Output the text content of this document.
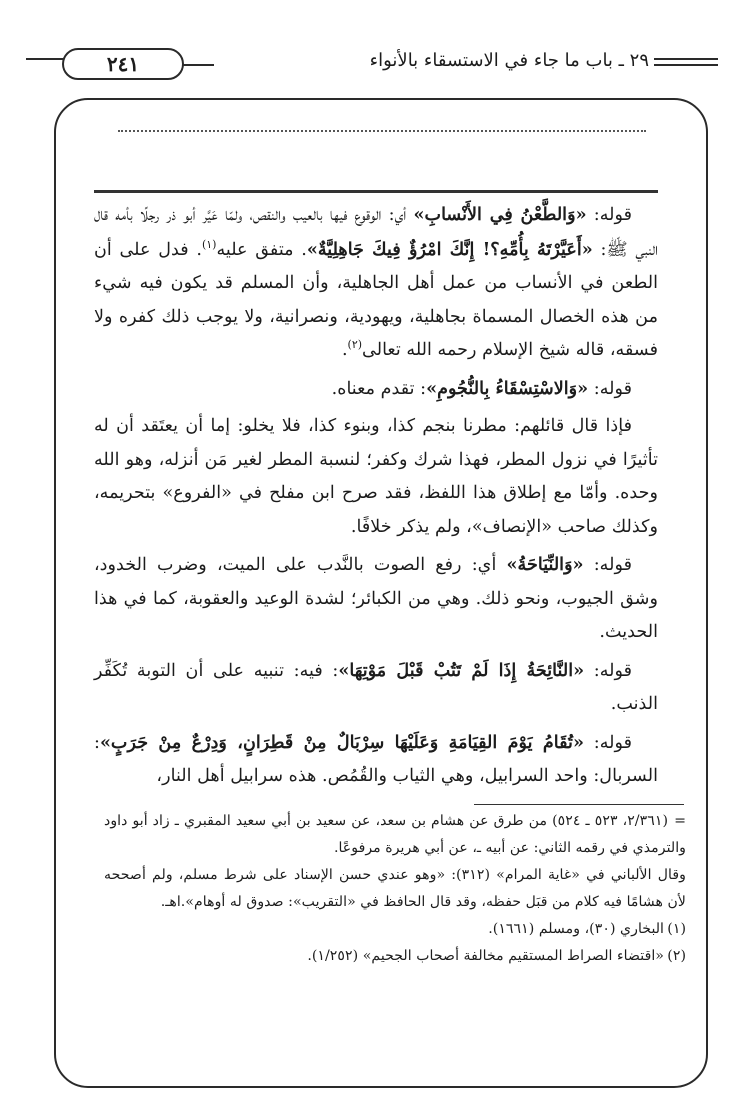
٢٤١	٢٩ ـ باب ما جاء في الاستسقاء بالأنواء

قوله: «وَالطَّعْنُ فِي الأَنْسابِ» أي: الوقوع فيها بالعيب والنقص، ولمّا عَيَّر أبو ذر رجلًا بأمه قال النبي ﷺ: «أَعَيَّرْتَهُ بِأُمِّهِ؟! إِنَّكَ امْرُؤٌ فِيكَ جَاهِلِيَّةٌ». متفق عليه$^{(١)}$. فدل على أن الطعن في الأنساب من عمل أهل الجاهلية، وأن المسلم قد يكون فيه شيء من هذه الخصال المسماة بجاهلية، ويهودية، ونصرانية، ولا يوجب ذلك كفره ولا فسقه، قاله شيخ الإسلام رحمه الله تعالى$^{(٢)}$.

قوله: «وَالاسْتِسْقَاءُ بِالنُّجُومِ»: تقدم معناه.

فإذا قال قائلهم: مطرنا بنجم كذا، وبنوء كذا، فلا يخلو: إما أن يعتَقد أن له تأثيرًا في نزول المطر، فهذا شرك وكفر؛ لنسبة المطر لغير مَن أنزله، وهو الله وحده. وأمّا مع إطلاق هذا اللفظ، فقد صرح ابن مفلح في «الفروع» بتحريمه، وكذلك صاحب «الإنصاف»، ولم يذكر خلافًا.

قوله: «وَالنِّيَاحَةُ» أي: رفع الصوت بالنَّدب على الميت، وضرب الخدود، وشق الجيوب، ونحو ذلك. وهي من الكبائر؛ لشدة الوعيد والعقوبة، كما في هذا الحديث.

قوله: «النَّائِحَةُ إِذَا لَمْ تَتُبْ قَبْلَ مَوْتِهَا»: فيه: تنبيه على أن التوبة تُكَفِّر الذنب.

قوله: «تُقَامُ يَوْمَ القِيَامَةِ وَعَلَيْهَا سِرْبَالٌ مِنْ قَطِرَانٍ، وَدِرْعٌ مِنْ جَرَبٍ»: السربال: واحد السرابيل، وهي الثياب والقُمُص. هذه سرابيل أهل النار،

=(٢/٣٦١، ٥٢٣ ـ ٥٢٤) من طرق عن هشام بن سعد، عن سعيد بن أبي سعيد المقبري ـ زاد أبو داود والترمذي في رقمه الثاني: عن أبيه ـ، عن أبي هريرة مرفوعًا.

وقال الألباني في «غاية المرام» (٣١٢): «وهو عندي حسن الإسناد على شرط مسلم، ولم أصححه لأن هشامًا فيه كلام من قبَل حفظه، وقد قال الحافظ في «التقريب»: صدوق له أوهام».اهـ.

(١)البخاري (٣٠)، ومسلم (١٦٦١).

(٢)«اقتضاء الصراط المستقيم مخالفة أصحاب الجحيم» (١/٢٥٢).
